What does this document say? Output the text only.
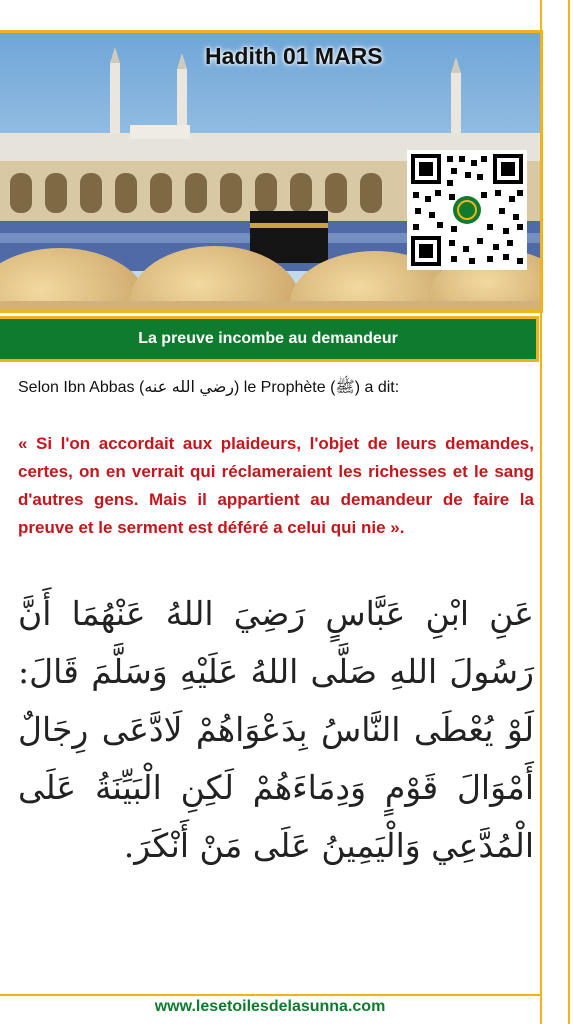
Hadith 01 MARS
La preuve incombe au demandeur
Selon Ibn Abbas (رضي الله عنه) le Prophète (ﷺ) a dit:
« Si l'on accordait aux plaideurs, l'objet de leurs demandes, certes, on en verrait qui réclameraient les richesses et le sang d'autres gens. Mais il appartient au demandeur de faire la preuve et le serment est déféré a celui qui nie ».
عَنِ ابْنِ عَبَّاسٍ رَضِيَ اللهُ عَنْهُمَا أَنَّ رَسُولَ اللهِ صَلَّى اللهُ عَلَيْهِ وَسَلَّمَ قَالَ: لَوْ يُعْطَى النَّاسُ بِدَعْوَاهُمْ لَادَّعَى رِجَالٌ أَمْوَالَ قَوْمٍ وَدِمَاءَهُمْ لَكِنِ الْبَيِّنَةُ عَلَى الْمُدَّعِي وَالْيَمِينُ عَلَى مَنْ أَنْكَرَ.
www.lesetoilesdelasunna.com
